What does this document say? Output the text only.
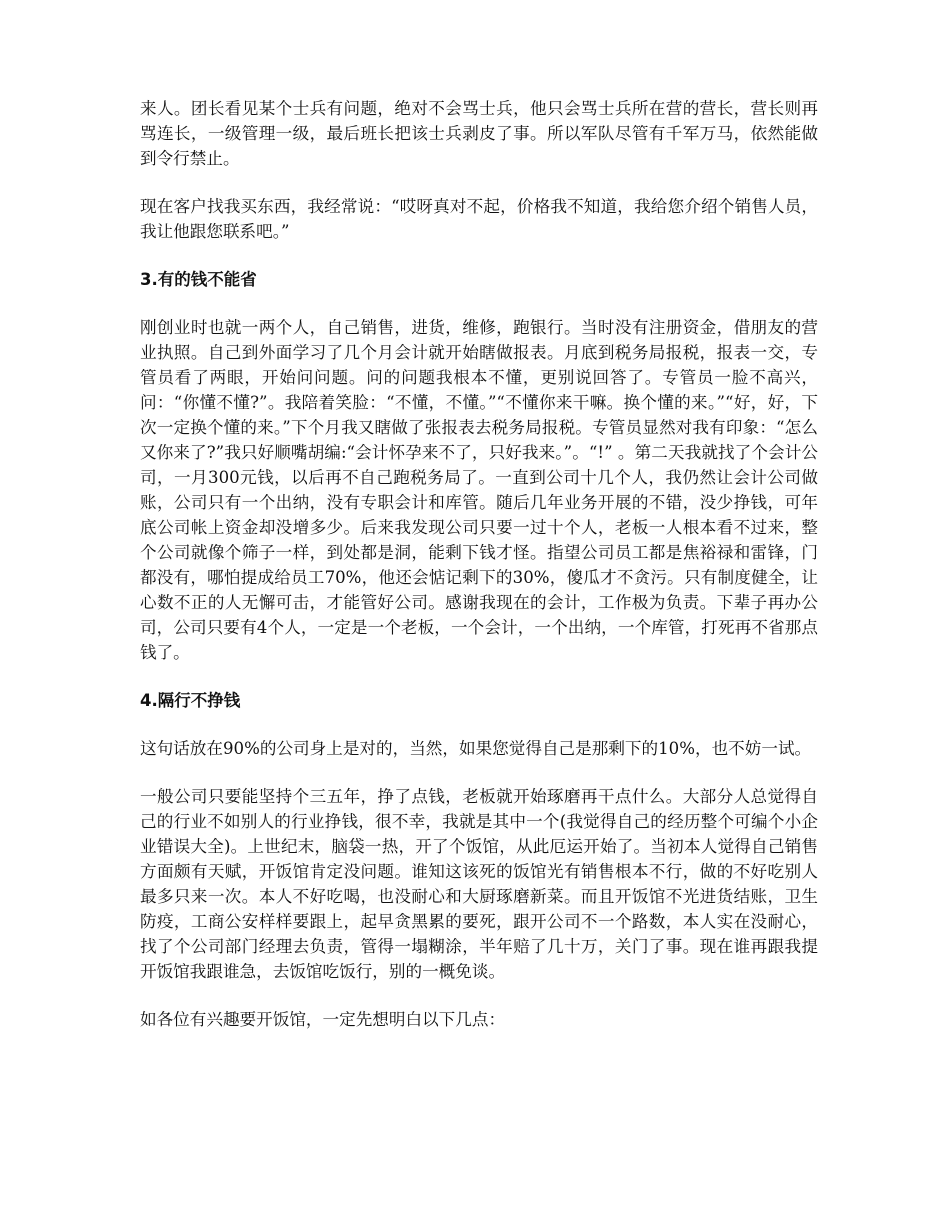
来人。团长看见某个士兵有问题，绝对不会骂士兵，他只会骂士兵所在营的营长，营长则再骂连长，一级管理一级，最后班长把该士兵剥皮了事。所以军队尽管有千军万马，依然能做到令行禁止。

现在客户找我买东西，我经常说：“哎呀真对不起，价格我不知道，我给您介绍个销售人员，我让他跟您联系吧。”

3.有的钱不能省

刚创业时也就一两个人，自己销售，进货，维修，跑银行。当时没有注册资金，借朋友的营业执照。自己到外面学习了几个月会计就开始瞎做报表。月底到税务局报税，报表一交，专管员看了两眼，开始问问题。问的问题我根本不懂，更别说回答了。专管员一脸不高兴，问：“你懂不懂?”。我陪着笑脸：“不懂，不懂。”“不懂你来干嘛。换个懂的来。”“好，好，下次一定换个懂的来。”下个月我又瞎做了张报表去税务局报税。专管员显然对我有印象：“怎么又你来了?”我只好顺嘴胡编:“会计怀孕来不了，只好我来。”。“!” 。第二天我就找了个会计公司，一月300元钱，以后再不自己跑税务局了。一直到公司十几个人，我仍然让会计公司做账，公司只有一个出纳，没有专职会计和库管。随后几年业务开展的不错，没少挣钱，可年底公司帐上资金却没增多少。后来我发现公司只要一过十个人，老板一人根本看不过来，整个公司就像个筛子一样，到处都是洞，能剩下钱才怪。指望公司员工都是焦裕禄和雷锋，门都没有，哪怕提成给员工70%，他还会惦记剩下的30%，傻瓜才不贪污。只有制度健全，让心数不正的人无懈可击，才能管好公司。感谢我现在的会计，工作极为负责。下辈子再办公司，公司只要有4个人，一定是一个老板，一个会计，一个出纳，一个库管，打死再不省那点钱了。

4.隔行不挣钱

这句话放在90%的公司身上是对的，当然，如果您觉得自己是那剩下的10%，也不妨一试。

一般公司只要能坚持个三五年，挣了点钱，老板就开始琢磨再干点什么。大部分人总觉得自己的行业不如别人的行业挣钱，很不幸，我就是其中一个(我觉得自己的经历整个可编个小企业错误大全)。上世纪末，脑袋一热，开了个饭馆，从此厄运开始了。当初本人觉得自己销售方面颇有天赋，开饭馆肯定没问题。谁知这该死的饭馆光有销售根本不行，做的不好吃别人最多只来一次。本人不好吃喝，也没耐心和大厨琢磨新菜。而且开饭馆不光进货结账，卫生防疫，工商公安样样要跟上，起早贪黑累的要死，跟开公司不一个路数，本人实在没耐心，找了个公司部门经理去负责，管得一塌糊涂，半年赔了几十万，关门了事。现在谁再跟我提开饭馆我跟谁急，去饭馆吃饭行，别的一概免谈。

如各位有兴趣要开饭馆，一定先想明白以下几点：
